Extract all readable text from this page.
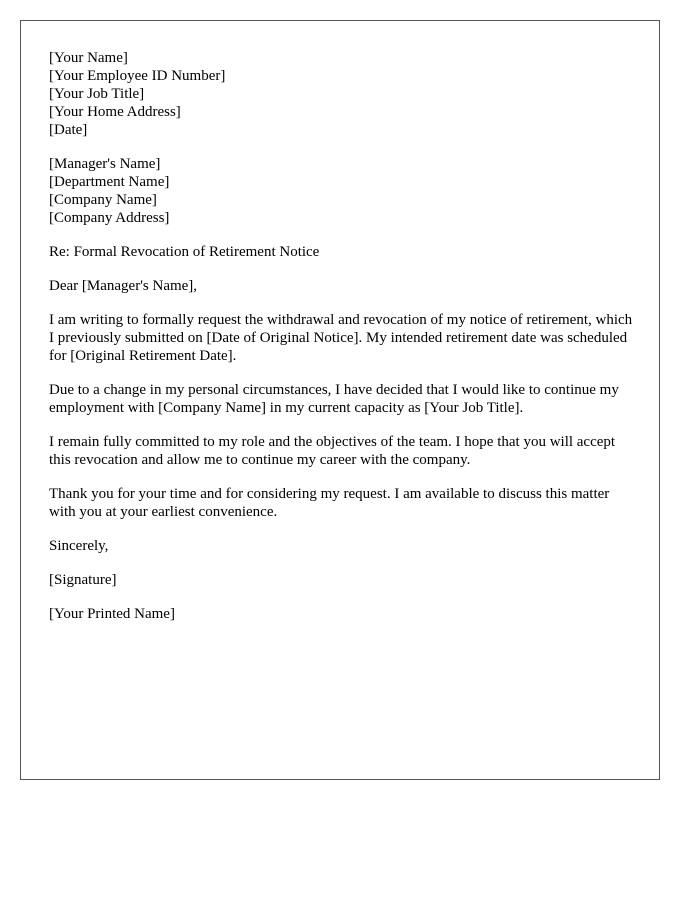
[Your Name]
[Your Employee ID Number]
[Your Job Title]
[Your Home Address]
[Date]
[Manager's Name]
[Department Name]
[Company Name]
[Company Address]

Re: Formal Revocation of Retirement Notice

Dear [Manager's Name],

I am writing to formally request the withdrawal and revocation of my notice of retirement, which I previously submitted on [Date of Original Notice]. My intended retirement date was scheduled for [Original Retirement Date].

Due to a change in my personal circumstances, I have decided that I would like to continue my employment with [Company Name] in my current capacity as [Your Job Title].

I remain fully committed to my role and the objectives of the team. I hope that you will accept this revocation and allow me to continue my career with the company.

Thank you for your time and for considering my request. I am available to discuss this matter with you at your earliest convenience.

Sincerely,

[Signature]

[Your Printed Name]
